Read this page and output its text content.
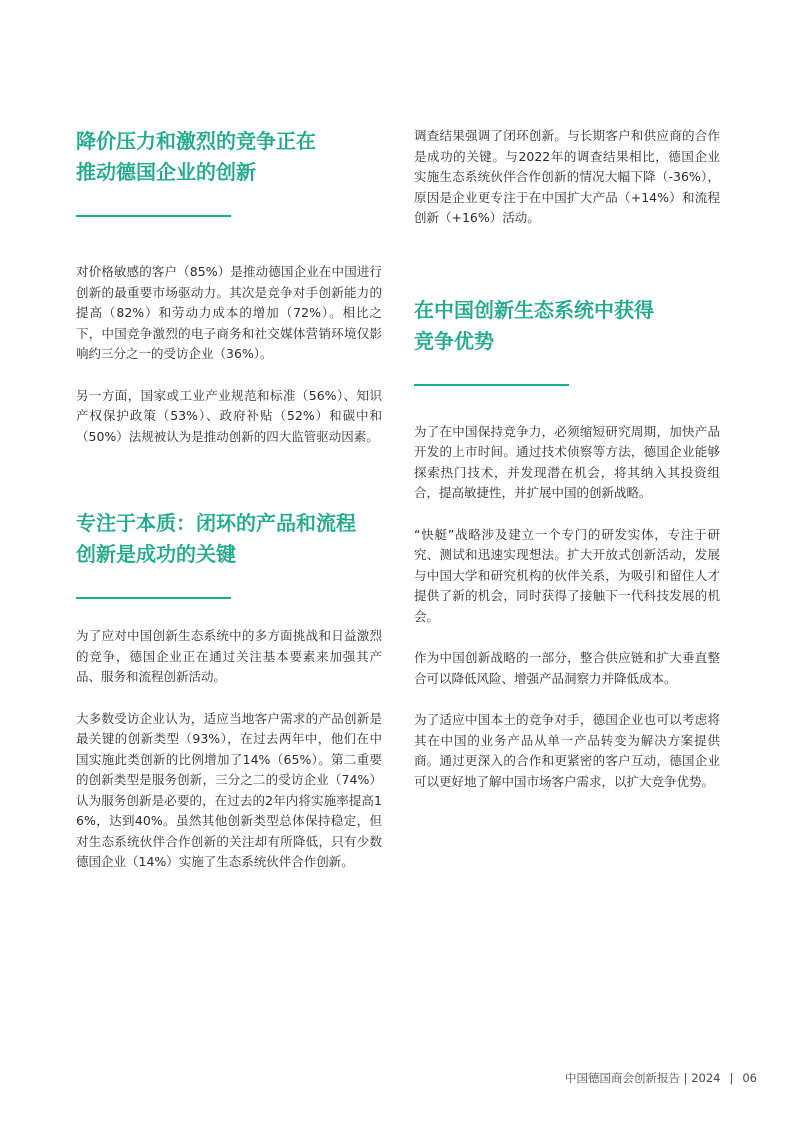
降价压力和激烈的竞争正在
推动德国企业的创新

对价格敏感的客户（85%）是推动德国企业在中国进行创新的最重要市场驱动力。其次是竞争对手创新能力的提高（82%）和劳动力成本的增加（72%）。相比之下，中国竞争激烈的电子商务和社交媒体营销环境仅影响约三分之一的受访企业（36%）。

另一方面，国家或工业产业规范和标准（56%）、知识产权保护政策（53%）、政府补贴（52%）和碳中和（50%）法规被认为是推动创新的四大监管驱动因素。

专注于本质：闭环的产品和流程
创新是成功的关键

为了应对中国创新生态系统中的多方面挑战和日益激烈的竞争，德国企业正在通过关注基本要素来加强其产品、服务和流程创新活动。

大多数受访企业认为，适应当地客户需求的产品创新是最关键的创新类型（93%），在过去两年中，他们在中国实施此类创新的比例增加了14%（65%）。第二重要的创新类型是服务创新，三分之二的受访企业（74%）认为服务创新是必要的，在过去的2年内将实施率提高16%，达到40%。虽然其他创新类型总体保持稳定，但对生态系统伙伴合作创新的关注却有所降低，只有少数德国企业（14%）实施了生态系统伙伴合作创新。

调查结果强调了闭环创新。与长期客户和供应商的合作是成功的关键。与2022年的调查结果相比，德国企业实施生态系统伙伴合作创新的情况大幅下降（-36%），原因是企业更专注于在中国扩大产品（+14%）和流程创新（+16%）活动。

在中国创新生态系统中获得
竞争优势

为了在中国保持竞争力，必须缩短研究周期，加快产品开发的上市时间。通过技术侦察等方法，德国企业能够探索热门技术，并发现潜在机会，将其纳入其投资组合，提高敏捷性，并扩展中国的创新战略。

“快艇”战略涉及建立一个专门的研发实体，专注于研究、测试和迅速实现想法。扩大开放式创新活动，发展与中国大学和研究机构的伙伴关系，为吸引和留住人才提供了新的机会，同时获得了接触下一代科技发展的机会。

作为中国创新战略的一部分，整合供应链和扩大垂直整合可以降低风险、增强产品洞察力并降低成本。

为了适应中国本土的竞争对手，德国企业也可以考虑将其在中国的业务产品从单一产品转变为解决方案提供商。通过更深入的合作和更紧密的客户互动，德国企业可以更好地了解中国市场客户需求，以扩大竞争优势。

中国德国商会创新报告 | 2024 | 06
